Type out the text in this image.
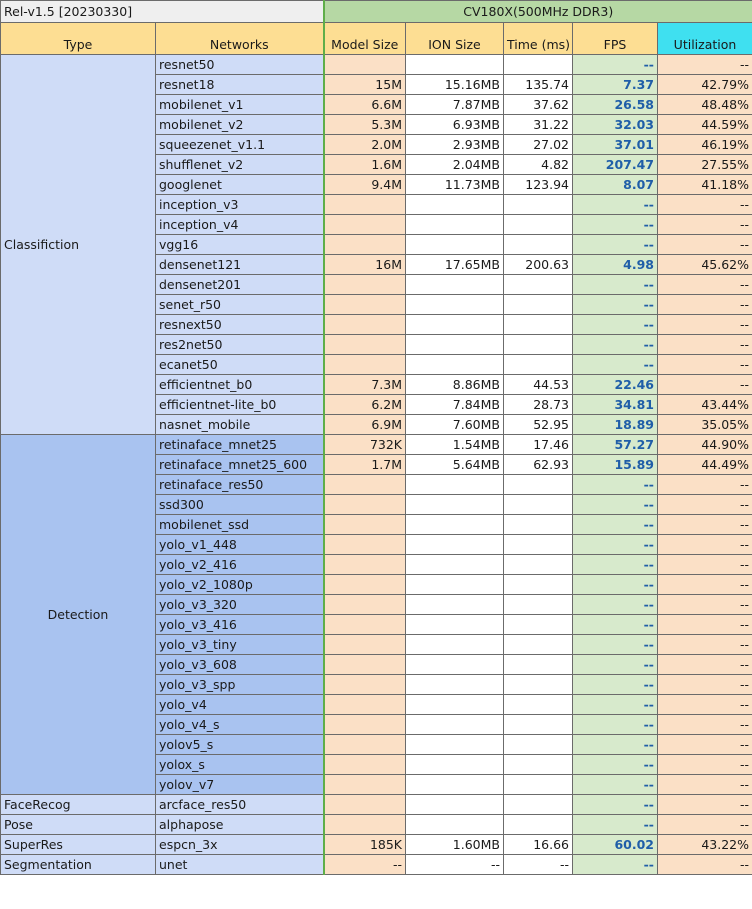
Rel-v1.5 [20230330]		CV180X(500MHz DDR3)				
Type	Networks	Model Size	ION Size	Time (ms)	FPS	Utilization
Classifiction	resnet50				--	--
	resnet18	15M	15.16MB	135.74	7.37	42.79%
	mobilenet_v1	6.6M	7.87MB	37.62	26.58	48.48%
	mobilenet_v2	5.3M	6.93MB	31.22	32.03	44.59%
	squeezenet_v1.1	2.0M	2.93MB	27.02	37.01	46.19%
	shufflenet_v2	1.6M	2.04MB	4.82	207.47	27.55%
	googlenet	9.4M	11.73MB	123.94	8.07	41.18%
	inception_v3				--	--
	inception_v4				--	--
	vgg16				--	--
	densenet121	16M	17.65MB	200.63	4.98	45.62%
	densenet201				--	--
	senet_r50				--	--
	resnext50				--	--
	res2net50				--	--
	ecanet50				--	--
	efficientnet_b0	7.3M	8.86MB	44.53	22.46	--
	efficientnet-lite_b0	6.2M	7.84MB	28.73	34.81	43.44%
	nasnet_mobile	6.9M	7.60MB	52.95	18.89	35.05%
Detection	retinaface_mnet25	732K	1.54MB	17.46	57.27	44.90%
	retinaface_mnet25_600	1.7M	5.64MB	62.93	15.89	44.49%
	retinaface_res50				--	--
	ssd300				--	--
	mobilenet_ssd				--	--
	yolo_v1_448				--	--
	yolo_v2_416				--	--
	yolo_v2_1080p				--	--
	yolo_v3_320				--	--
	yolo_v3_416				--	--
	yolo_v3_tiny				--	--
	yolo_v3_608				--	--
	yolo_v3_spp				--	--
	yolo_v4				--	--
	yolo_v4_s				--	--
	yolov5_s				--	--
	yolox_s				--	--
	yolov_v7				--	--
FaceRecog	arcface_res50				--	--
Pose	alphapose				--	--
SuperRes	espcn_3x	185K	1.60MB	16.66	60.02	43.22%
Segmentation	unet	--	--	--	--	--
